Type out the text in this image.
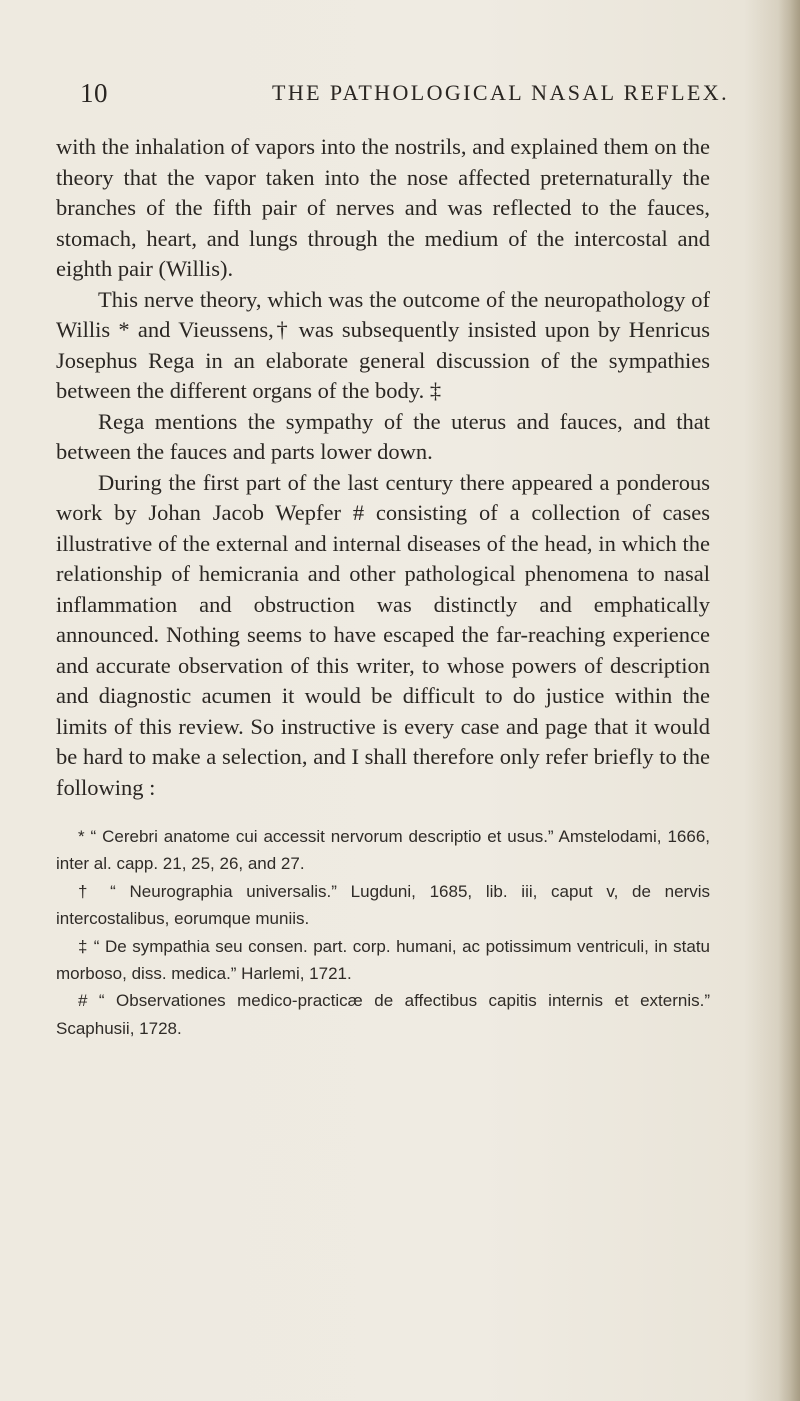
10	THE PATHOLOGICAL NASAL REFLEX.

with the inhalation of vapors into the nostrils, and explained them on the theory that the vapor taken into the nose affected preternaturally the branches of the fifth pair of nerves and was reflected to the fauces, stomach, heart, and lungs through the medium of the intercostal and eighth pair (Willis).

This nerve theory, which was the outcome of the neuropathology of Willis * and Vieussens,† was subsequently insisted upon by Henricus Josephus Rega in an elaborate general discussion of the sympathies between the different organs of the body. ‡

Rega mentions the sympathy of the uterus and fauces, and that between the fauces and parts lower down.

During the first part of the last century there appeared a ponderous work by Johan Jacob Wepfer # consisting of a collection of cases illustrative of the external and internal diseases of the head, in which the relationship of hemicrania and other pathological phenomena to nasal inflammation and obstruction was distinctly and emphatically announced. Nothing seems to have escaped the far-reaching experience and accurate observation of this writer, to whose powers of description and diagnostic acumen it would be difficult to do justice within the limits of this review. So instructive is every case and page that it would be hard to make a selection, and I shall therefore only refer briefly to the following :

* “ Cerebri anatome cui accessit nervorum descriptio et usus.” Amstelodami, 1666, inter al. capp. 21, 25, 26, and 27.

† “ Neurographia universalis.” Lugduni, 1685, lib. iii, caput v, de nervis intercostalibus, eorumque muniis.

‡ “ De sympathia seu consen. part. corp. humani, ac potissimum ventriculi, in statu morboso, diss. medica.” Harlemi, 1721.

# “ Observationes medico-practicæ de affectibus capitis internis et externis.” Scaphusii, 1728.
